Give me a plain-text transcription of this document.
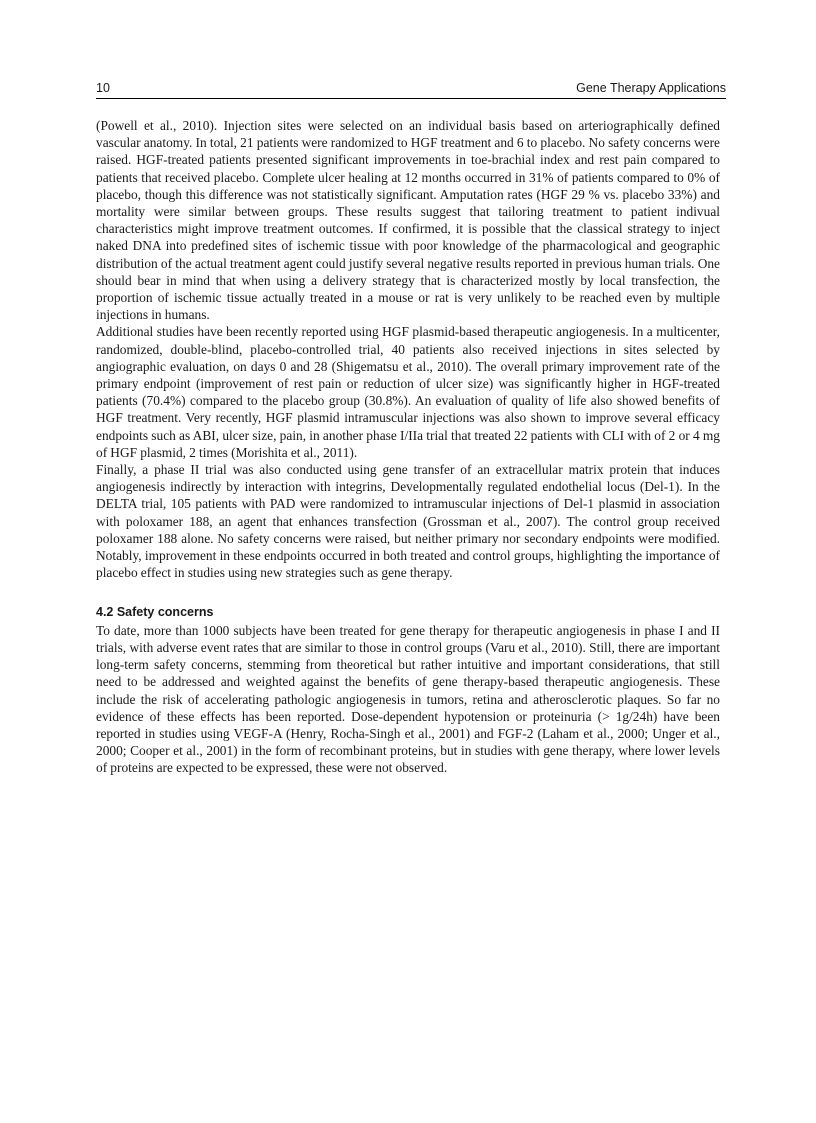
10	Gene Therapy Applications

(Powell et al., 2010). Injection sites were selected on an individual basis based on arteriographically defined vascular anatomy. In total, 21 patients were randomized to HGF treatment and 6 to placebo. No safety concerns were raised. HGF-treated patients presented significant improvements in toe-brachial index and rest pain compared to patients that received placebo. Complete ulcer healing at 12 months occurred in 31% of patients compared to 0% of placebo, though this difference was not statistically significant. Amputation rates (HGF 29 % vs. placebo 33%) and mortality were similar between groups. These results suggest that tailoring treatment to patient indivual characteristics might improve treatment outcomes. If confirmed, it is possible that the classical strategy to inject naked DNA into predefined sites of ischemic tissue with poor knowledge of the pharmacological and geographic distribution of the actual treatment agent could justify several negative results reported in previous human trials. One should bear in mind that when using a delivery strategy that is characterized mostly by local transfection, the proportion of ischemic tissue actually treated in a mouse or rat is very unlikely to be reached even by multiple injections in humans.

Additional studies have been recently reported using HGF plasmid-based therapeutic angiogenesis. In a multicenter, randomized, double-blind, placebo-controlled trial, 40 patients also received injections in sites selected by angiographic evaluation, on days 0 and 28 (Shigematsu et al., 2010). The overall primary improvement rate of the primary endpoint (improvement of rest pain or reduction of ulcer size) was significantly higher in HGF-treated patients (70.4%) compared to the placebo group (30.8%). An evaluation of quality of life also showed benefits of HGF treatment. Very recently, HGF plasmid intramuscular injections was also shown to improve several efficacy endpoints such as ABI, ulcer size, pain, in another phase I/IIa trial that treated 22 patients with CLI with of 2 or 4 mg of HGF plasmid, 2 times (Morishita et al., 2011).

Finally, a phase II trial was also conducted using gene transfer of an extracellular matrix protein that induces angiogenesis indirectly by interaction with integrins, Developmentally regulated endothelial locus (Del-1). In the DELTA trial, 105 patients with PAD were randomized to intramuscular injections of Del-1 plasmid in association with poloxamer 188, an agent that enhances transfection (Grossman et al., 2007). The control group received poloxamer 188 alone. No safety concerns were raised, but neither primary nor secondary endpoints were modified. Notably, improvement in these endpoints occurred in both treated and control groups, highlighting the importance of placebo effect in studies using new strategies such as gene therapy.

4.2 Safety concerns

To date, more than 1000 subjects have been treated for gene therapy for therapeutic angiogenesis in phase I and II trials, with adverse event rates that are similar to those in control groups (Varu et al., 2010). Still, there are important long-term safety concerns, stemming from theoretical but rather intuitive and important considerations, that still need to be addressed and weighted against the benefits of gene therapy-based therapeutic angiogenesis. These include the risk of accelerating pathologic angiogenesis in tumors, retina and atherosclerotic plaques. So far no evidence of these effects has been reported. Dose-dependent hypotension or proteinuria (> 1g/24h) have been reported in studies using VEGF-A (Henry, Rocha-Singh et al., 2001) and FGF-2 (Laham et al., 2000; Unger et al., 2000; Cooper et al., 2001) in the form of recombinant proteins, but in studies with gene therapy, where lower levels of proteins are expected to be expressed, these were not observed.
